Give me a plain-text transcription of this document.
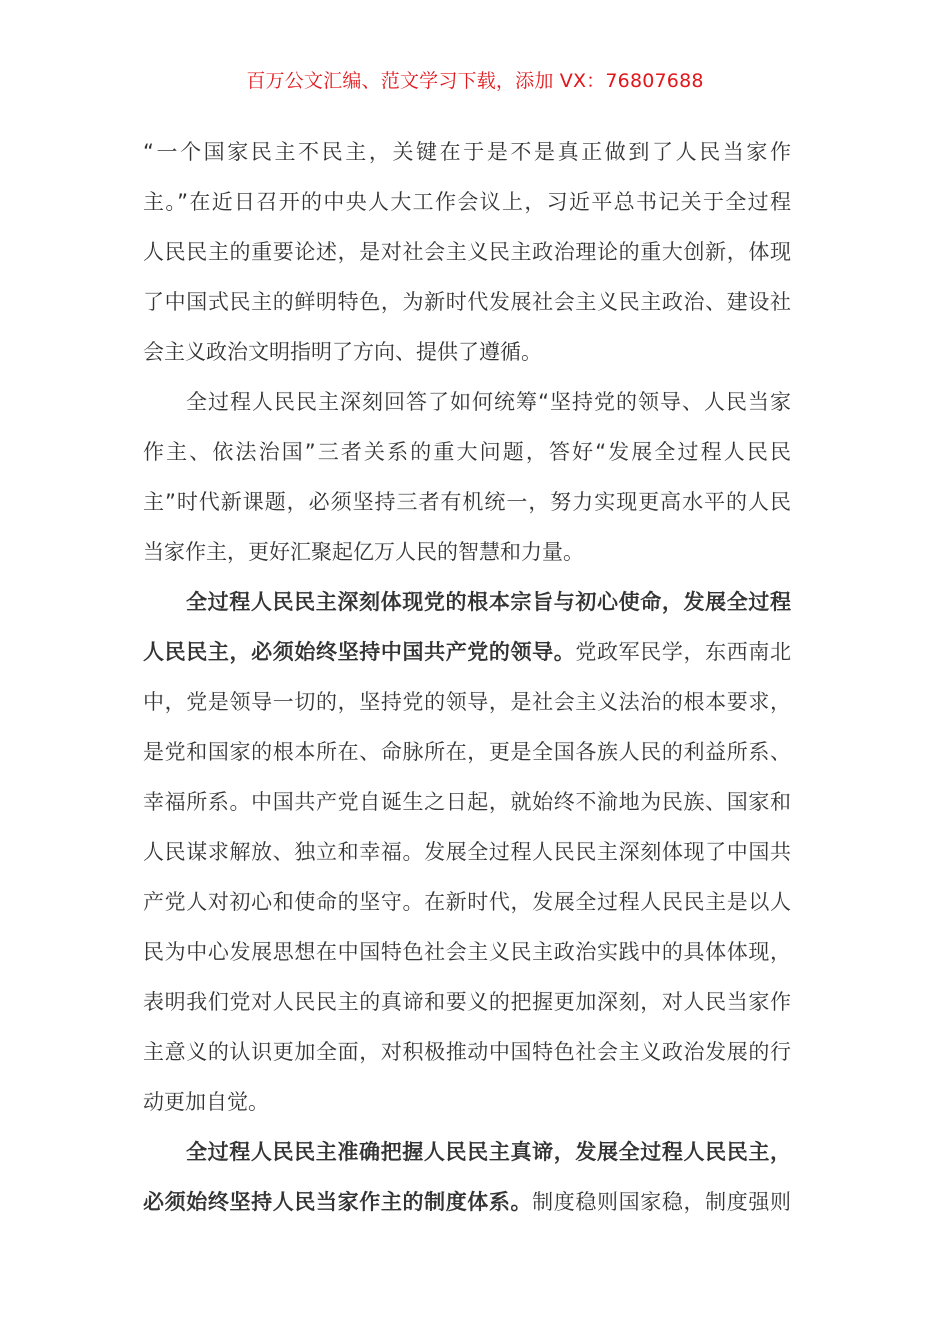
百万公文汇编、范文学习下载，添加 VX：76807688
“一个国家民主不民主，关键在于是不是真正做到了人民当家作
主。”在近日召开的中央人大工作会议上，习近平总书记关于全过程
人民民主的重要论述，是对社会主义民主政治理论的重大创新，体现
了中国式民主的鲜明特色，为新时代发展社会主义民主政治、建设社
会主义政治文明指明了方向、提供了遵循。
全过程人民民主深刻回答了如何统筹“坚持党的领导、人民当家
作主、依法治国”三者关系的重大问题，答好“发展全过程人民民
主”时代新课题，必须坚持三者有机统一，努力实现更高水平的人民
当家作主，更好汇聚起亿万人民的智慧和力量。
全过程人民民主深刻体现党的根本宗旨与初心使命，发展全过程
人民民主，必须始终坚持中国共产党的领导。党政军民学，东西南北
中，党是领导一切的，坚持党的领导，是社会主义法治的根本要求，
是党和国家的根本所在、命脉所在，更是全国各族人民的利益所系、
幸福所系。中国共产党自诞生之日起，就始终不渝地为民族、国家和
人民谋求解放、独立和幸福。发展全过程人民民主深刻体现了中国共
产党人对初心和使命的坚守。在新时代，发展全过程人民民主是以人
民为中心发展思想在中国特色社会主义民主政治实践中的具体体现，
表明我们党对人民民主的真谛和要义的把握更加深刻，对人民当家作
主意义的认识更加全面，对积极推动中国特色社会主义政治发展的行
动更加自觉。
全过程人民民主准确把握人民民主真谛，发展全过程人民民主，
必须始终坚持人民当家作主的制度体系。制度稳则国家稳，制度强则
